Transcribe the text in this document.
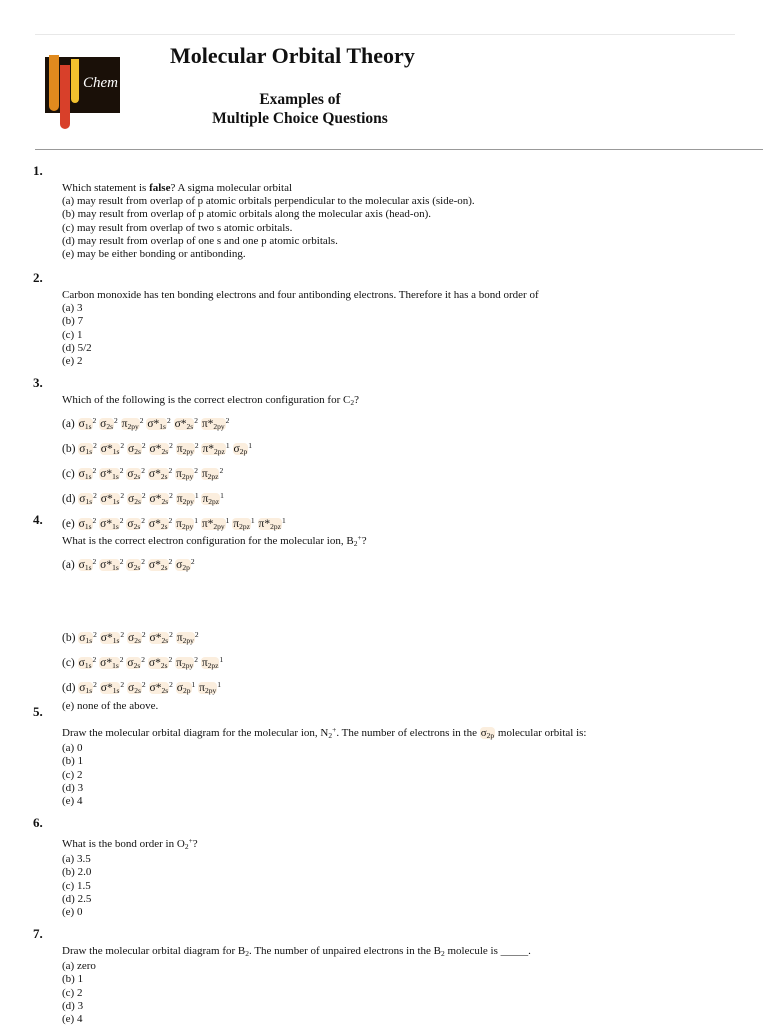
Chem
Molecular Orbital Theory
Examples of
Multiple Choice Questions
1.
Which statement is false? A sigma molecular orbital
(a) may result from overlap of p atomic orbitals perpendicular to the molecular axis (side-on).
(b) may result from overlap of p atomic orbitals along the molecular axis (head-on).
(c) may result from overlap of two s atomic orbitals.
(d) may result from overlap of one s and one p atomic orbitals.
(e) may be either bonding or antibonding.
2.
Carbon monoxide has ten bonding electrons and four antibonding electrons. Therefore it has a bond order of
(a) 3
(b) 7
(c) 1
(d) 5/2
(e) 2
3.
Which of the following is the correct electron configuration for $C_2$?
(a) $\sigma_{1s}^2$ $\sigma_{2s}^2$ $\pi_{2py}^2$ $\sigma*_{1s}^2$ $\sigma*_{2s}^2$ $\pi*_{2py}^2$
(b) $\sigma_{1s}^2$ $\sigma*_{1s}^2$ $\sigma_{2s}^2$ $\sigma*_{2s}^2$ $\pi_{2py}^2$ $\pi*_{2pz}^1$ $\sigma_{2p}^1$
(c) $\sigma_{1s}^2$ $\sigma*_{1s}^2$ $\sigma_{2s}^2$ $\sigma*_{2s}^2$ $\pi_{2py}^2$ $\pi_{2pz}^2$
(d) $\sigma_{1s}^2$ $\sigma*_{1s}^2$ $\sigma_{2s}^2$ $\sigma*_{2s}^2$ $\pi_{2py}^1$ $\pi_{2pz}^1$
(e) $\sigma_{1s}^2$ $\sigma*_{1s}^2$ $\sigma_{2s}^2$ $\sigma*_{2s}^2$ $\pi_{2py}^1$ $\pi*_{2py}^1$ $\pi_{2pz}^1$ $\pi*_{2pz}^1$
4.
What is the correct electron configuration for the molecular ion, $B_2^+$?
(a) $\sigma_{1s}^2$ $\sigma*_{1s}^2$ $\sigma_{2s}^2$ $\sigma*_{2s}^2$ $\sigma_{2p}^2$
(b) $\sigma_{1s}^2$ $\sigma*_{1s}^2$ $\sigma_{2s}^2$ $\sigma*_{2s}^2$ $\pi_{2py}^2$
(c) $\sigma_{1s}^2$ $\sigma*_{1s}^2$ $\sigma_{2s}^2$ $\sigma*_{2s}^2$ $\pi_{2py}^2$ $\pi_{2pz}^1$
(d) $\sigma_{1s}^2$ $\sigma*_{1s}^2$ $\sigma_{2s}^2$ $\sigma*_{2s}^2$ $\sigma_{2p}^1$ $\pi_{2py}^1$
(e) none of the above.
5.
Draw the molecular orbital diagram for the molecular ion, $N_2^+$. The number of electrons in the $\sigma_{2p}$ molecular orbital is:
(a) 0
(b) 1
(c) 2
(d) 3
(e) 4
6.
What is the bond order in $O_2^+$?
(a) 3.5
(b) 2.0
(c) 1.5
(d) 2.5
(e) 0
7.
Draw the molecular orbital diagram for $B_2$. The number of unpaired electrons in the $B_2$ molecule is _____.
(a) zero
(b) 1
(c) 2
(d) 3
(e) 4
